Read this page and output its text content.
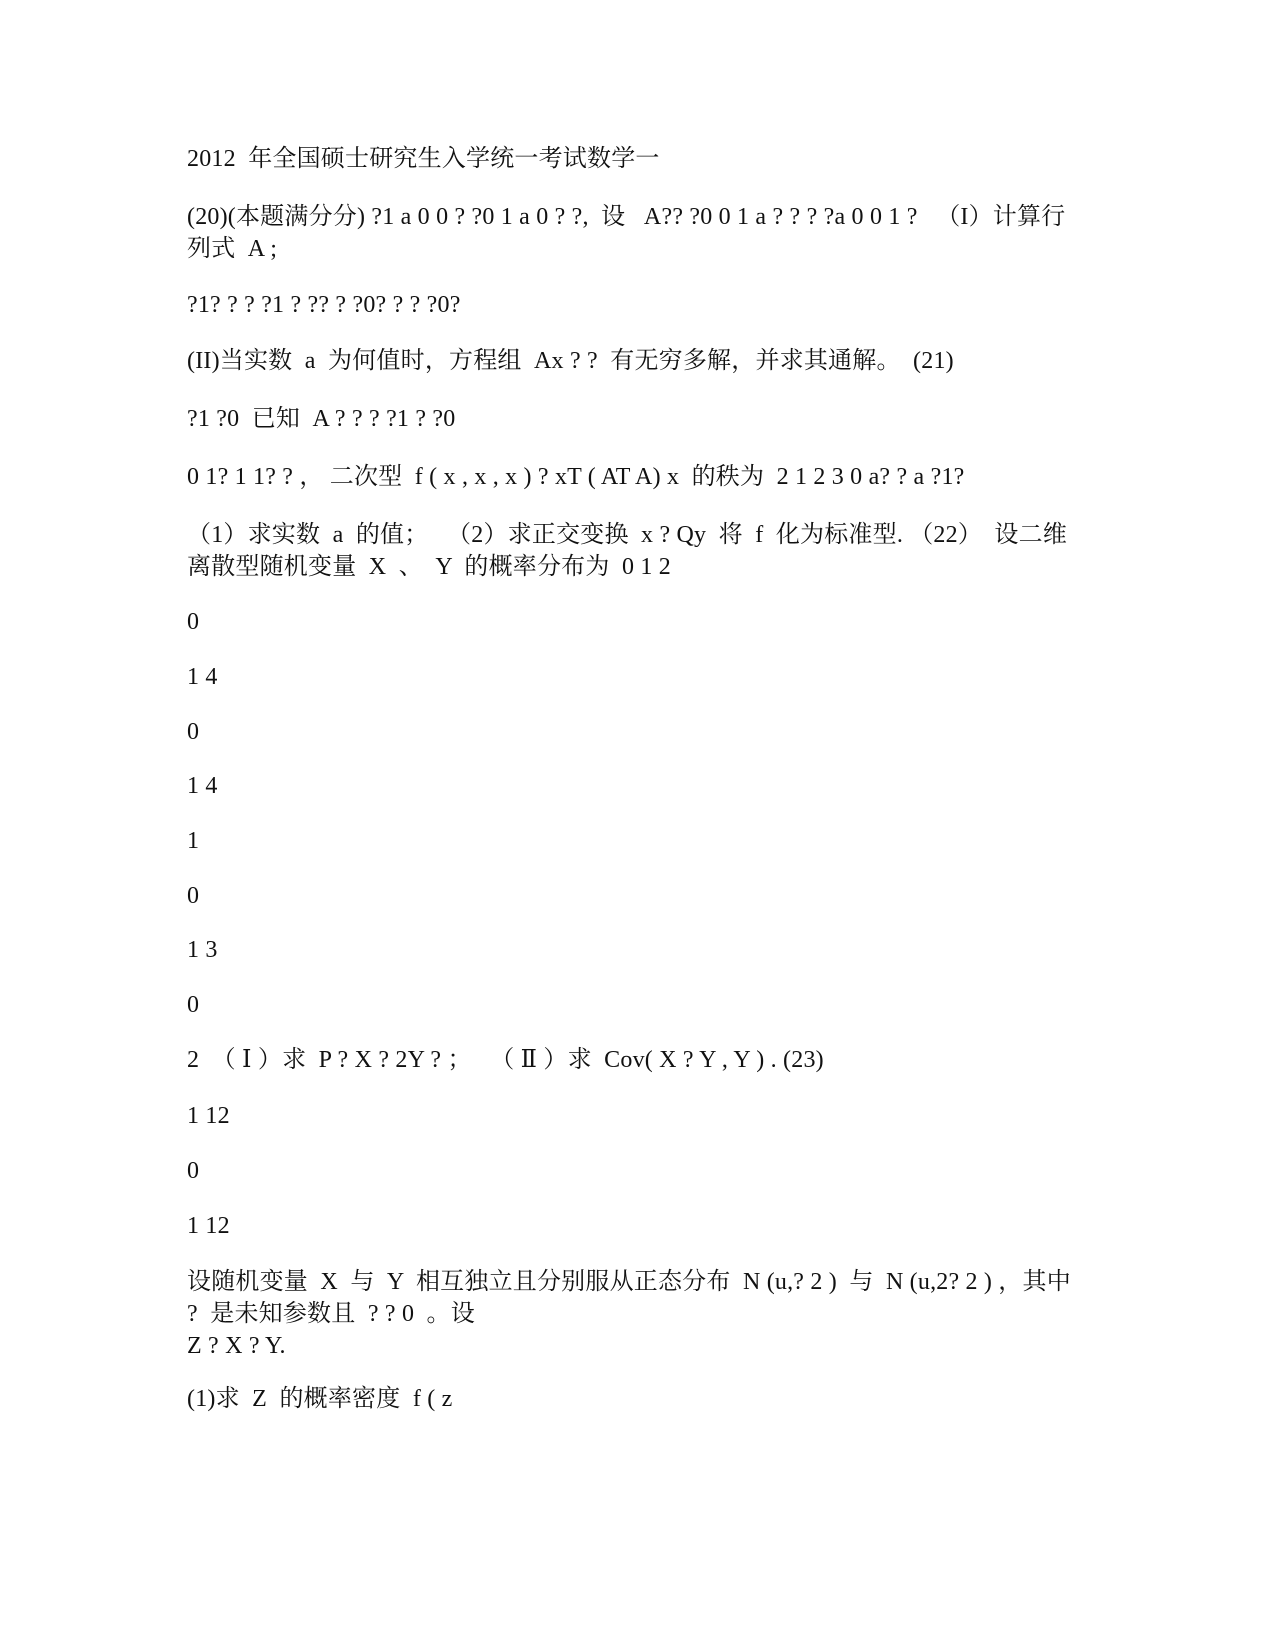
2012  年全国硕士研究生入学统一考试数学一
(20)(本题满分分) ?1 a 0 0 ? ?0 1 a 0 ? ?,  设   A?? ?0 0 1 a ? ? ? ?a 0 0 1 ?   （I）计算行列式  A ;
?1? ? ? ?1 ? ?? ? ?0? ? ? ?0?
(II)当实数  a  为何值时，方程组  Ax ? ?  有无穷多解，并求其通解。  (21)
?1 ?0  已知  A ? ? ? ?1 ? ?0
0 1? 1 1? ? ， 二次型  f ( x , x , x ) ? xT ( AT A) x  的秩为  2 1 2 3 0 a? ? a ?1?
（1）求实数  a  的值；   （2）求正交变换  x ? Qy  将  f  化为标准型. （22）  设二维离散型随机变量  X  、  Y  的概率分布为  0 1 2
0
1 4
0
1 4
1
0
1 3
0
2  （ Ⅰ ）求  P ? X ? 2Y ? ；   （ Ⅱ ）求  Cov( X ? Y , Y ) . (23)
1 12
0
1 12
设随机变量  X  与  Y  相互独立且分别服从正态分布  N (u,? 2 )  与  N (u,2? 2 ) ，其中  ?  是未知参数且  ? ? 0  。设
Z ? X ? Y.
(1)求  Z  的概率密度  f ( z
